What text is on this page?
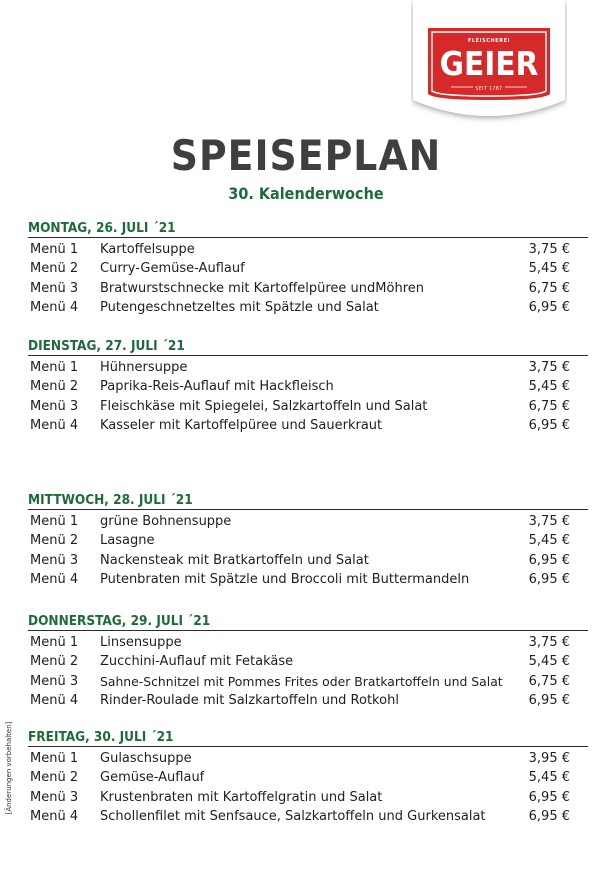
FLEISCHEREI
GEIER
SEIT 1787
SPEISEPLAN
30. Kalenderwoche
MONTAG, 26. JULI ´21
Menü 1 Kartoffelsuppe	3,75 €
Menü 2 Curry-Gemüse-Auflauf	5,45 €
Menü 3 Bratwurstschnecke mit Kartoffelpüree undMöhren	6,75 €
Menü 4 Putengeschnetzeltes mit Spätzle und Salat	6,95 €
DIENSTAG, 27. JULI ´21
Menü 1 Hühnersuppe	3,75 €
Menü 2 Paprika-Reis-Auflauf mit Hackfleisch	5,45 €
Menü 3 Fleischkäse mit Spiegelei, Salzkartoffeln und Salat	6,75 €
Menü 4 Kasseler mit Kartoffelpüree und Sauerkraut	6,95 €
MITTWOCH, 28. JULI ´21
Menü 1 grüne Bohnensuppe	3,75 €
Menü 2 Lasagne	5,45 €
Menü 3 Nackensteak mit Bratkartoffeln und Salat	6,95 €
Menü 4 Putenbraten mit Spätzle und Broccoli mit Buttermandeln	6,95 €
DONNERSTAG, 29. JULI ´21
Menü 1 Linsensuppe	3,75 €
Menü 2 Zucchini-Auflauf mit Fetakäse	5,45 €
Menü 3 Sahne-Schnitzel mit Pommes Frites oder Bratkartoffeln und Salat 6,75 €
Menü 4 Rinder-Roulade mit Salzkartoffeln und Rotkohl	6,95 €
FREITAG, 30. JULI ´21
Menü 1 Gulaschsuppe	3,95 €
Menü 2 Gemüse-Auflauf	5,45 €
Menü 3 Krustenbraten mit Kartoffelgratin und Salat	6,95 €
Menü 4 Schollenfilet mit Senfsauce, Salzkartoffeln und Gurkensalat	6,95 €
[Änderungen vorbehalten]
